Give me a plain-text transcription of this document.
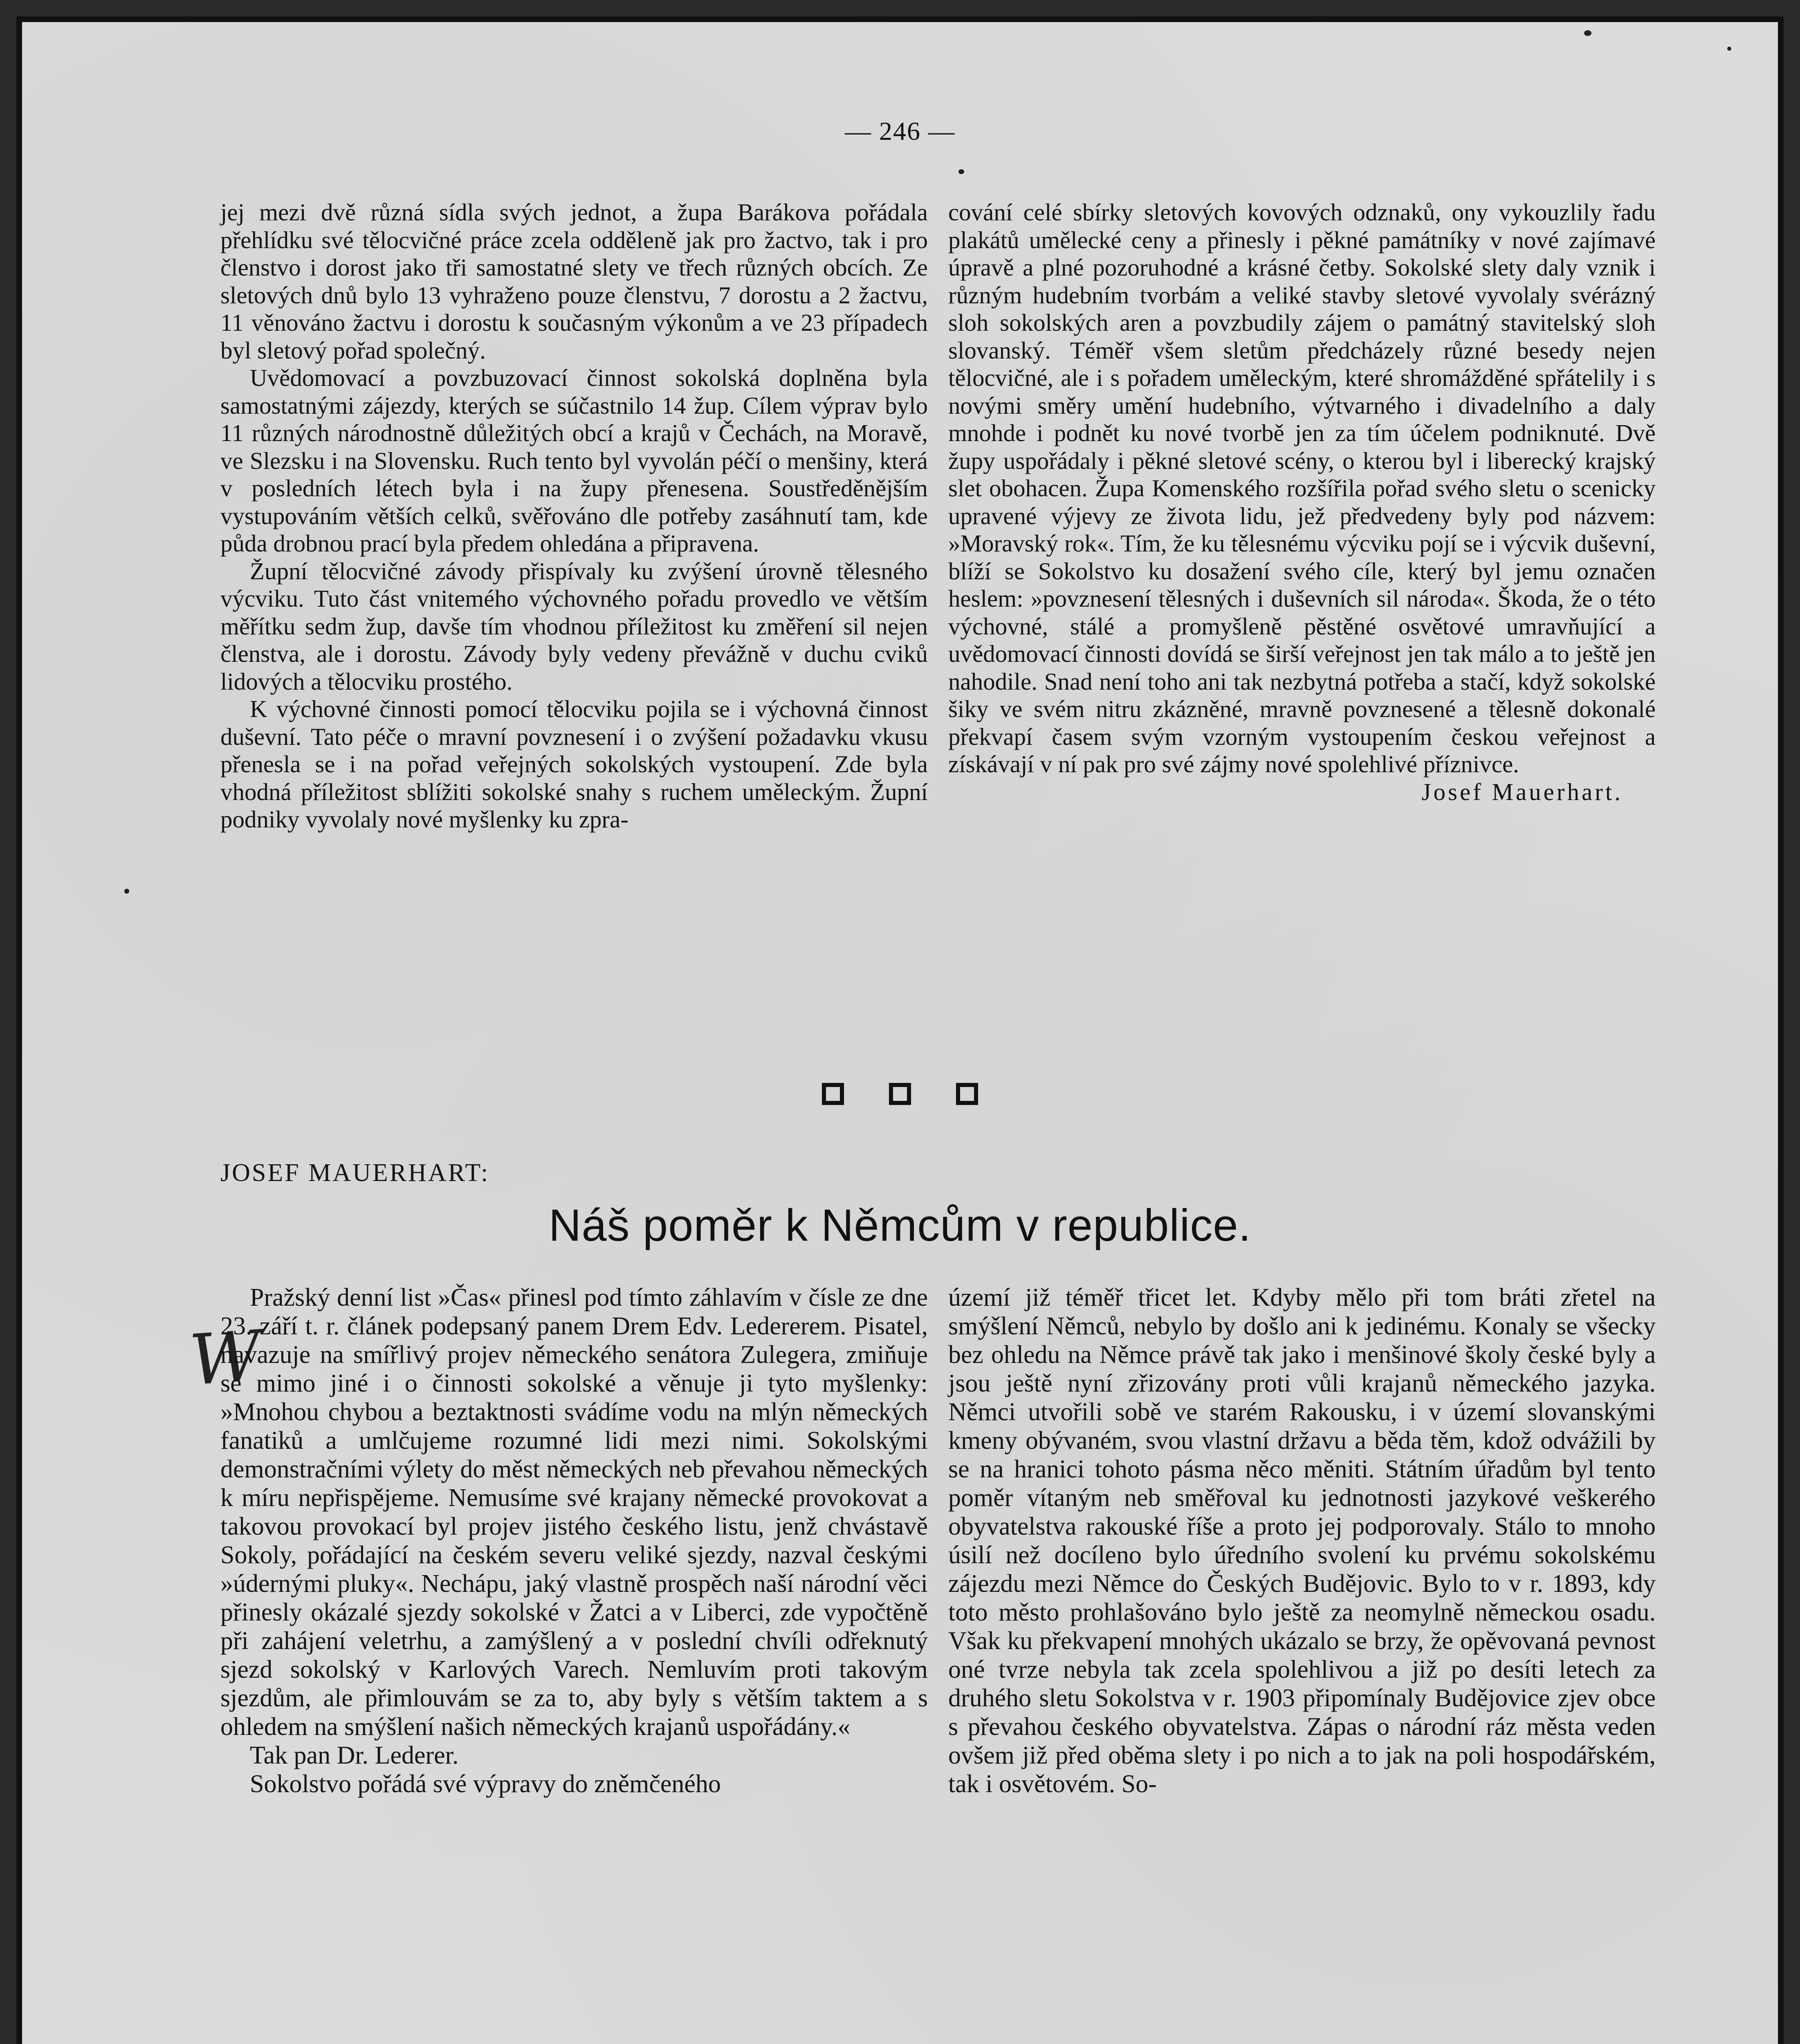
— 246 —

jej mezi dvě různá sídla svých jednot, a župa Barákova pořádala přehlídku své tělocvičné práce zcela odděleně jak pro žactvo, tak i pro členstvo i dorost jako tři samostatné slety ve třech různých obcích. Ze sletových dnů bylo 13 vyhraženo pouze členstvu, 7 dorostu a 2 žactvu, 11 věnováno žactvu i dorostu k současným výkonům a ve 23 případech byl sletový pořad společný.

Uvědomovací a povzbuzovací činnost sokolská doplněna byla samostatnými zájezdy, kterých se súčastnilo 14 žup. Cílem výprav bylo 11 různých národnostně důležitých obcí a krajů v Čechách, na Moravě, ve Slezsku i na Slovensku. Ruch tento byl vyvolán péčí o menšiny, která v posledních létech byla i na župy přenesena. Soustředěnějším vystupováním větších celků, svěřováno dle potřeby zasáhnutí tam, kde půda drobnou prací byla předem ohledána a připravena.

Župní tělocvičné závody přispívaly ku zvýšení úrovně tělesného výcviku. Tuto část vnitemého výchovného pořadu provedlo ve větším měřítku sedm žup, davše tím vhodnou příležitost ku změření sil nejen členstva, ale i dorostu. Závody byly vedeny převážně v duchu cviků lidových a tělocviku prostého.

K výchovné činnosti pomocí tělocviku pojila se i výchovná činnost duševní. Tato péče o mravní povznesení i o zvýšení požadavku vkusu přenesla se i na pořad veřejných sokolských vystoupení. Zde byla vhodná příležitost sblížiti sokolské snahy s ruchem uměleckým. Župní podniky vyvolaly nové myšlenky ku zpra-

cování celé sbírky sletových kovových odznaků, ony vykouzlily řadu plakátů umělecké ceny a přinesly i pěkné památníky v nové zajímavé úpravě a plné pozoruhodné a krásné četby. Sokolské slety daly vznik i různým hudebním tvorbám a veliké stavby sletové vyvolaly svérázný sloh sokolských aren a povzbudily zájem o památný stavitelský sloh slovanský. Téměř všem sletům předcházely různé besedy nejen tělocvičné, ale i s pořadem uměleckým, které shromážděné spřátelily i s novými směry umění hudebního, výtvarného i divadelního a daly mnohde i podnět ku nové tvorbě jen za tím účelem podniknuté. Dvě župy uspořádaly i pěkné sletové scény, o kterou byl i liberecký krajský slet obohacen. Župa Komenského rozšířila pořad svého sletu o scenicky upravené výjevy ze života lidu, jež předvedeny byly pod názvem: »Moravský rok«. Tím, že ku tělesnému výcviku pojí se i výcvik duševní, blíží se Sokolstvo ku dosažení svého cíle, který byl jemu označen heslem: »povznesení tělesných i duševních sil národa«. Škoda, že o této výchovné, stálé a promyšleně pěstěné osvětové umravňující a uvědomovací činnosti dovídá se širší veřejnost jen tak málo a to ještě jen nahodile. Snad není toho ani tak nezbytná potřeba a stačí, když sokolské šiky ve svém nitru zkázněné, mravně povznesené a tělesně dokonalé překvapí časem svým vzorným vystoupením českou veřejnost a získávají v ní pak pro své zájmy nové spolehlivé příznivce.

Josef Mauerhart.

JOSEF MAUERHART:
Náš poměr k Němcům v republice.
W

Pražský denní list »Čas« přinesl pod tímto záhlavím v čísle ze dne 23. září t. r. článek podepsaný panem Drem Edv. Ledererem. Pisatel, navazuje na smířlivý projev německého senátora Zulegera, zmiňuje se mimo jiné i o činnosti sokolské a věnuje ji tyto myšlenky: »Mnohou chybou a beztaktnosti svádíme vodu na mlýn německých fanatiků a umlčujeme rozumné lidi mezi nimi. Sokolskými demonstračními výlety do měst německých neb převahou německých k míru nepřispějeme. Nemusíme své krajany německé provokovat a takovou provokací byl projev jistého českého listu, jenž chvástavě Sokoly, pořádající na českém severu veliké sjezdy, nazval českými »údernými pluky«. Nechápu, jaký vlastně prospěch naší národní věci přinesly okázalé sjezdy sokolské v Žatci a v Liberci, zde vypočtěně při zahájení veletrhu, a zamýšlený a v poslední chvíli odřeknutý sjezd sokolský v Karlových Varech. Nemluvím proti takovým sjezdům, ale přimlouvám se za to, aby byly s větším taktem a s ohledem na smýšlení našich německých krajanů uspořádány.«

Tak pan Dr. Lederer.

Sokolstvo pořádá své výpravy do zněmčeného

území již téměř třicet let. Kdyby mělo při tom bráti zřetel na smýšlení Němců, nebylo by došlo ani k jedinému. Konaly se všecky bez ohledu na Němce právě tak jako i menšinové školy české byly a jsou ještě nyní zřizovány proti vůli krajanů německého jazyka. Němci utvořili sobě ve starém Rakousku, i v území slovanskými kmeny obývaném, svou vlastní državu a běda těm, kdož odvážili by se na hranici tohoto pásma něco měniti. Státním úřadům byl tento poměr vítaným neb směřoval ku jednotnosti jazykové veškerého obyvatelstva rakouské říše a proto jej podporovaly. Stálo to mnoho úsilí než docíleno bylo úředního svolení ku prvému sokolskému zájezdu mezi Němce do Českých Budějovic. Bylo to v r. 1893, kdy toto město prohlašováno bylo ještě za neomylně německou osadu. Však ku překvapení mnohých ukázalo se brzy, že opěvovaná pevnost oné tvrze nebyla tak zcela spolehlivou a již po desíti letech za druhého sletu Sokolstva v r. 1903 připomínaly Budějovice zjev obce s převahou českého obyvatelstva. Zápas o národní ráz města veden ovšem již před oběma slety i po nich a to jak na poli hospodářském, tak i osvětovém. So-
